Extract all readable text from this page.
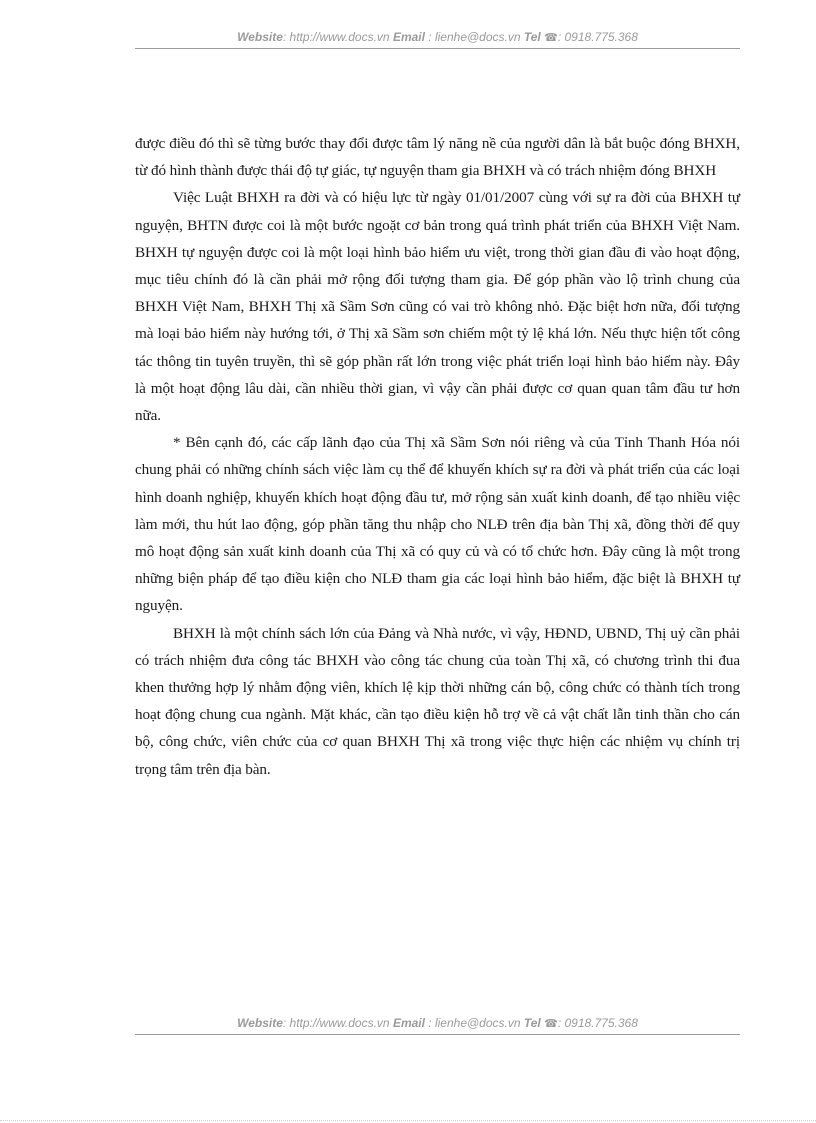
Website: http://www.docs.vn Email : lienhe@docs.vn Tel ☎: 0918.775.368

được điều đó thì sẽ từng bước thay đổi được tâm lý năng nề của người dân là bắt buộc đóng BHXH, từ đó hình thành được thái độ tự giác, tự nguyện tham gia BHXH và có trách nhiệm đóng BHXH

Việc Luật BHXH ra đời và có hiệu lực từ ngày 01/01/2007 cùng với sự ra đời của BHXH tự nguyện, BHTN được coi là một bước ngoặt cơ bản trong quá trình phát triển của BHXH Việt Nam. BHXH tự nguyện được coi là một loại hình bảo hiểm ưu việt, trong thời gian đầu đi vào hoạt động, mục tiêu chính đó là cần phải mở rộng đối tượng tham gia. Để góp phần vào lộ trình chung của BHXH Việt Nam, BHXH Thị xã Sầm Sơn cũng có vai trò không nhỏ. Đặc biệt hơn nữa, đối tượng mà loại bảo hiểm này hướng tới, ở Thị xã Sầm sơn chiếm một tỷ lệ khá lớn. Nếu thực hiện tốt công tác thông tin tuyên truyền, thì sẽ góp phần rất lớn trong việc phát triển loại hình bảo hiểm này. Đây là một hoạt động lâu dài, cần nhiều thời gian, vì vậy cần phải được cơ quan quan tâm đầu tư hơn nữa.

* Bên cạnh đó, các cấp lãnh đạo của Thị xã Sầm Sơn nói riêng và của Tỉnh Thanh Hóa nói chung phải có những chính sách việc làm cụ thể để khuyến khích sự ra đời và phát triển của các loại hình doanh nghiệp, khuyến khích hoạt động đầu tư, mở rộng sản xuất kinh doanh, để tạo nhiều việc làm mới, thu hút lao động, góp phần tăng thu nhập cho NLĐ trên địa bàn Thị xã, đồng thời để quy mô hoạt động sản xuất kinh doanh của Thị xã có quy củ và có tổ chức hơn. Đây cũng là một trong những biện pháp để tạo điều kiện cho NLĐ tham gia các loại hình bảo hiểm, đặc biệt là BHXH tự nguyện.

BHXH là một chính sách lớn của Đảng và Nhà nước, vì vậy, HĐND, UBND, Thị uỷ cần phải có trách nhiệm đưa công tác BHXH vào công tác chung của toàn Thị xã, có chương trình thi đua khen thưởng hợp lý nhằm động viên, khích lệ kịp thời những cán bộ, công chức có thành tích trong hoạt động chung cua ngành. Mặt khác, cần tạo điều kiện hỗ trợ về cả vật chất lẫn tinh thần cho cán bộ, công chức, viên chức của cơ quan BHXH Thị xã trong việc thực hiện các nhiệm vụ chính trị trọng tâm trên địa bàn.

Website: http://www.docs.vn Email : lienhe@docs.vn Tel ☎: 0918.775.368
